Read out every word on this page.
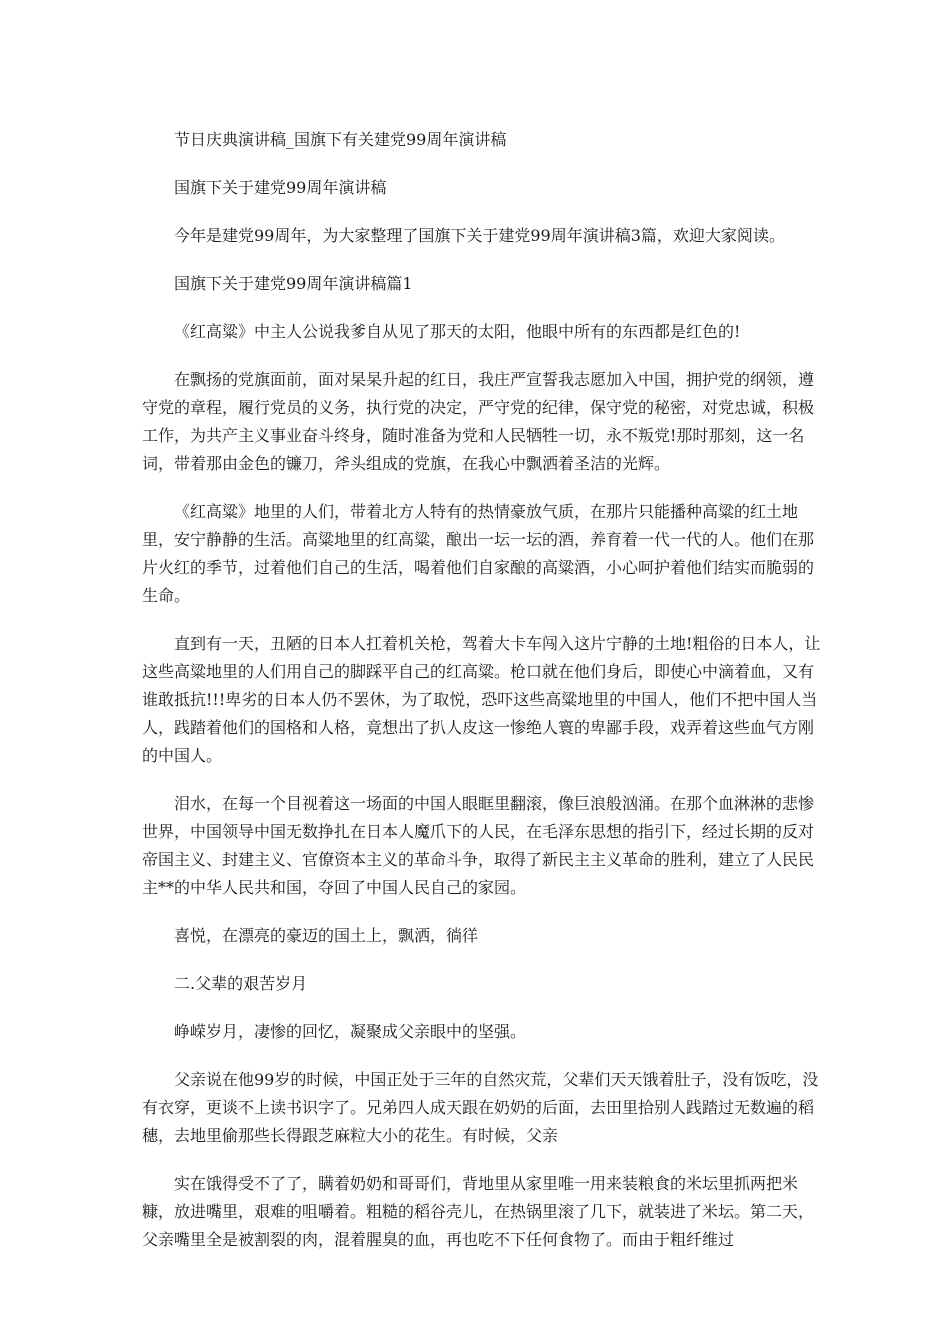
节日庆典演讲稿_国旗下有关建党99周年演讲稿

国旗下关于建党99周年演讲稿

今年是建党99周年，为大家整理了国旗下关于建党99周年演讲稿3篇，欢迎大家阅读。

国旗下关于建党99周年演讲稿篇1

《红高粱》中主人公说我爹自从见了那天的太阳，他眼中所有的东西都是红色的!

在飘扬的党旗面前，面对杲杲升起的红日，我庄严宣誓我志愿加入中国，拥护党的纲领，遵守党的章程，履行党员的义务，执行党的决定，严守党的纪律，保守党的秘密，对党忠诚，积极工作，为共产主义事业奋斗终身，随时准备为党和人民牺牲一切，永不叛党!那时那刻，这一名词，带着那由金色的镰刀，斧头组成的党旗，在我心中飘洒着圣洁的光辉。

《红高粱》地里的人们，带着北方人特有的热情豪放气质，在那片只能播种高粱的红土地里，安宁静静的生活。高粱地里的红高粱，酿出一坛一坛的酒，养育着一代一代的人。他们在那片火红的季节，过着他们自己的生活，喝着他们自家酿的高粱酒，小心呵护着他们结实而脆弱的生命。

直到有一天，丑陋的日本人扛着机关枪，驾着大卡车闯入这片宁静的土地!粗俗的日本人，让这些高粱地里的人们用自己的脚踩平自己的红高粱。枪口就在他们身后，即使心中滴着血，又有谁敢抵抗!!!卑劣的日本人仍不罢休，为了取悦，恐吓这些高粱地里的中国人，他们不把中国人当人，践踏着他们的国格和人格，竟想出了扒人皮这一惨绝人寰的卑鄙手段，戏弄着这些血气方刚的中国人。

泪水，在每一个目视着这一场面的中国人眼眶里翻滚，像巨浪般汹涌。在那个血淋淋的悲惨世界，中国领导中国无数挣扎在日本人魔爪下的人民，在毛泽东思想的指引下，经过长期的反对帝国主义、封建主义、官僚资本主义的革命斗争，取得了新民主主义革命的胜利，建立了人民民主**的中华人民共和国，夺回了中国人民自己的家园。

喜悦，在漂亮的豪迈的国土上，飘洒，徜徉

二.父辈的艰苦岁月

峥嵘岁月，凄惨的回忆，凝聚成父亲眼中的坚强。

父亲说在他99岁的时候，中国正处于三年的自然灾荒，父辈们天天饿着肚子，没有饭吃，没有衣穿，更谈不上读书识字了。兄弟四人成天跟在奶奶的后面，去田里拾别人践踏过无数遍的稻穗，去地里偷那些长得跟芝麻粒大小的花生。有时候，父亲

实在饿得受不了了，瞒着奶奶和哥哥们，背地里从家里唯一用来装粮食的米坛里抓两把米糠，放进嘴里，艰难的咀嚼着。粗糙的稻谷壳儿，在热锅里滚了几下，就装进了米坛。第二天，父亲嘴里全是被割裂的肉，混着腥臭的血，再也吃不下任何食物了。而由于粗纤维过
